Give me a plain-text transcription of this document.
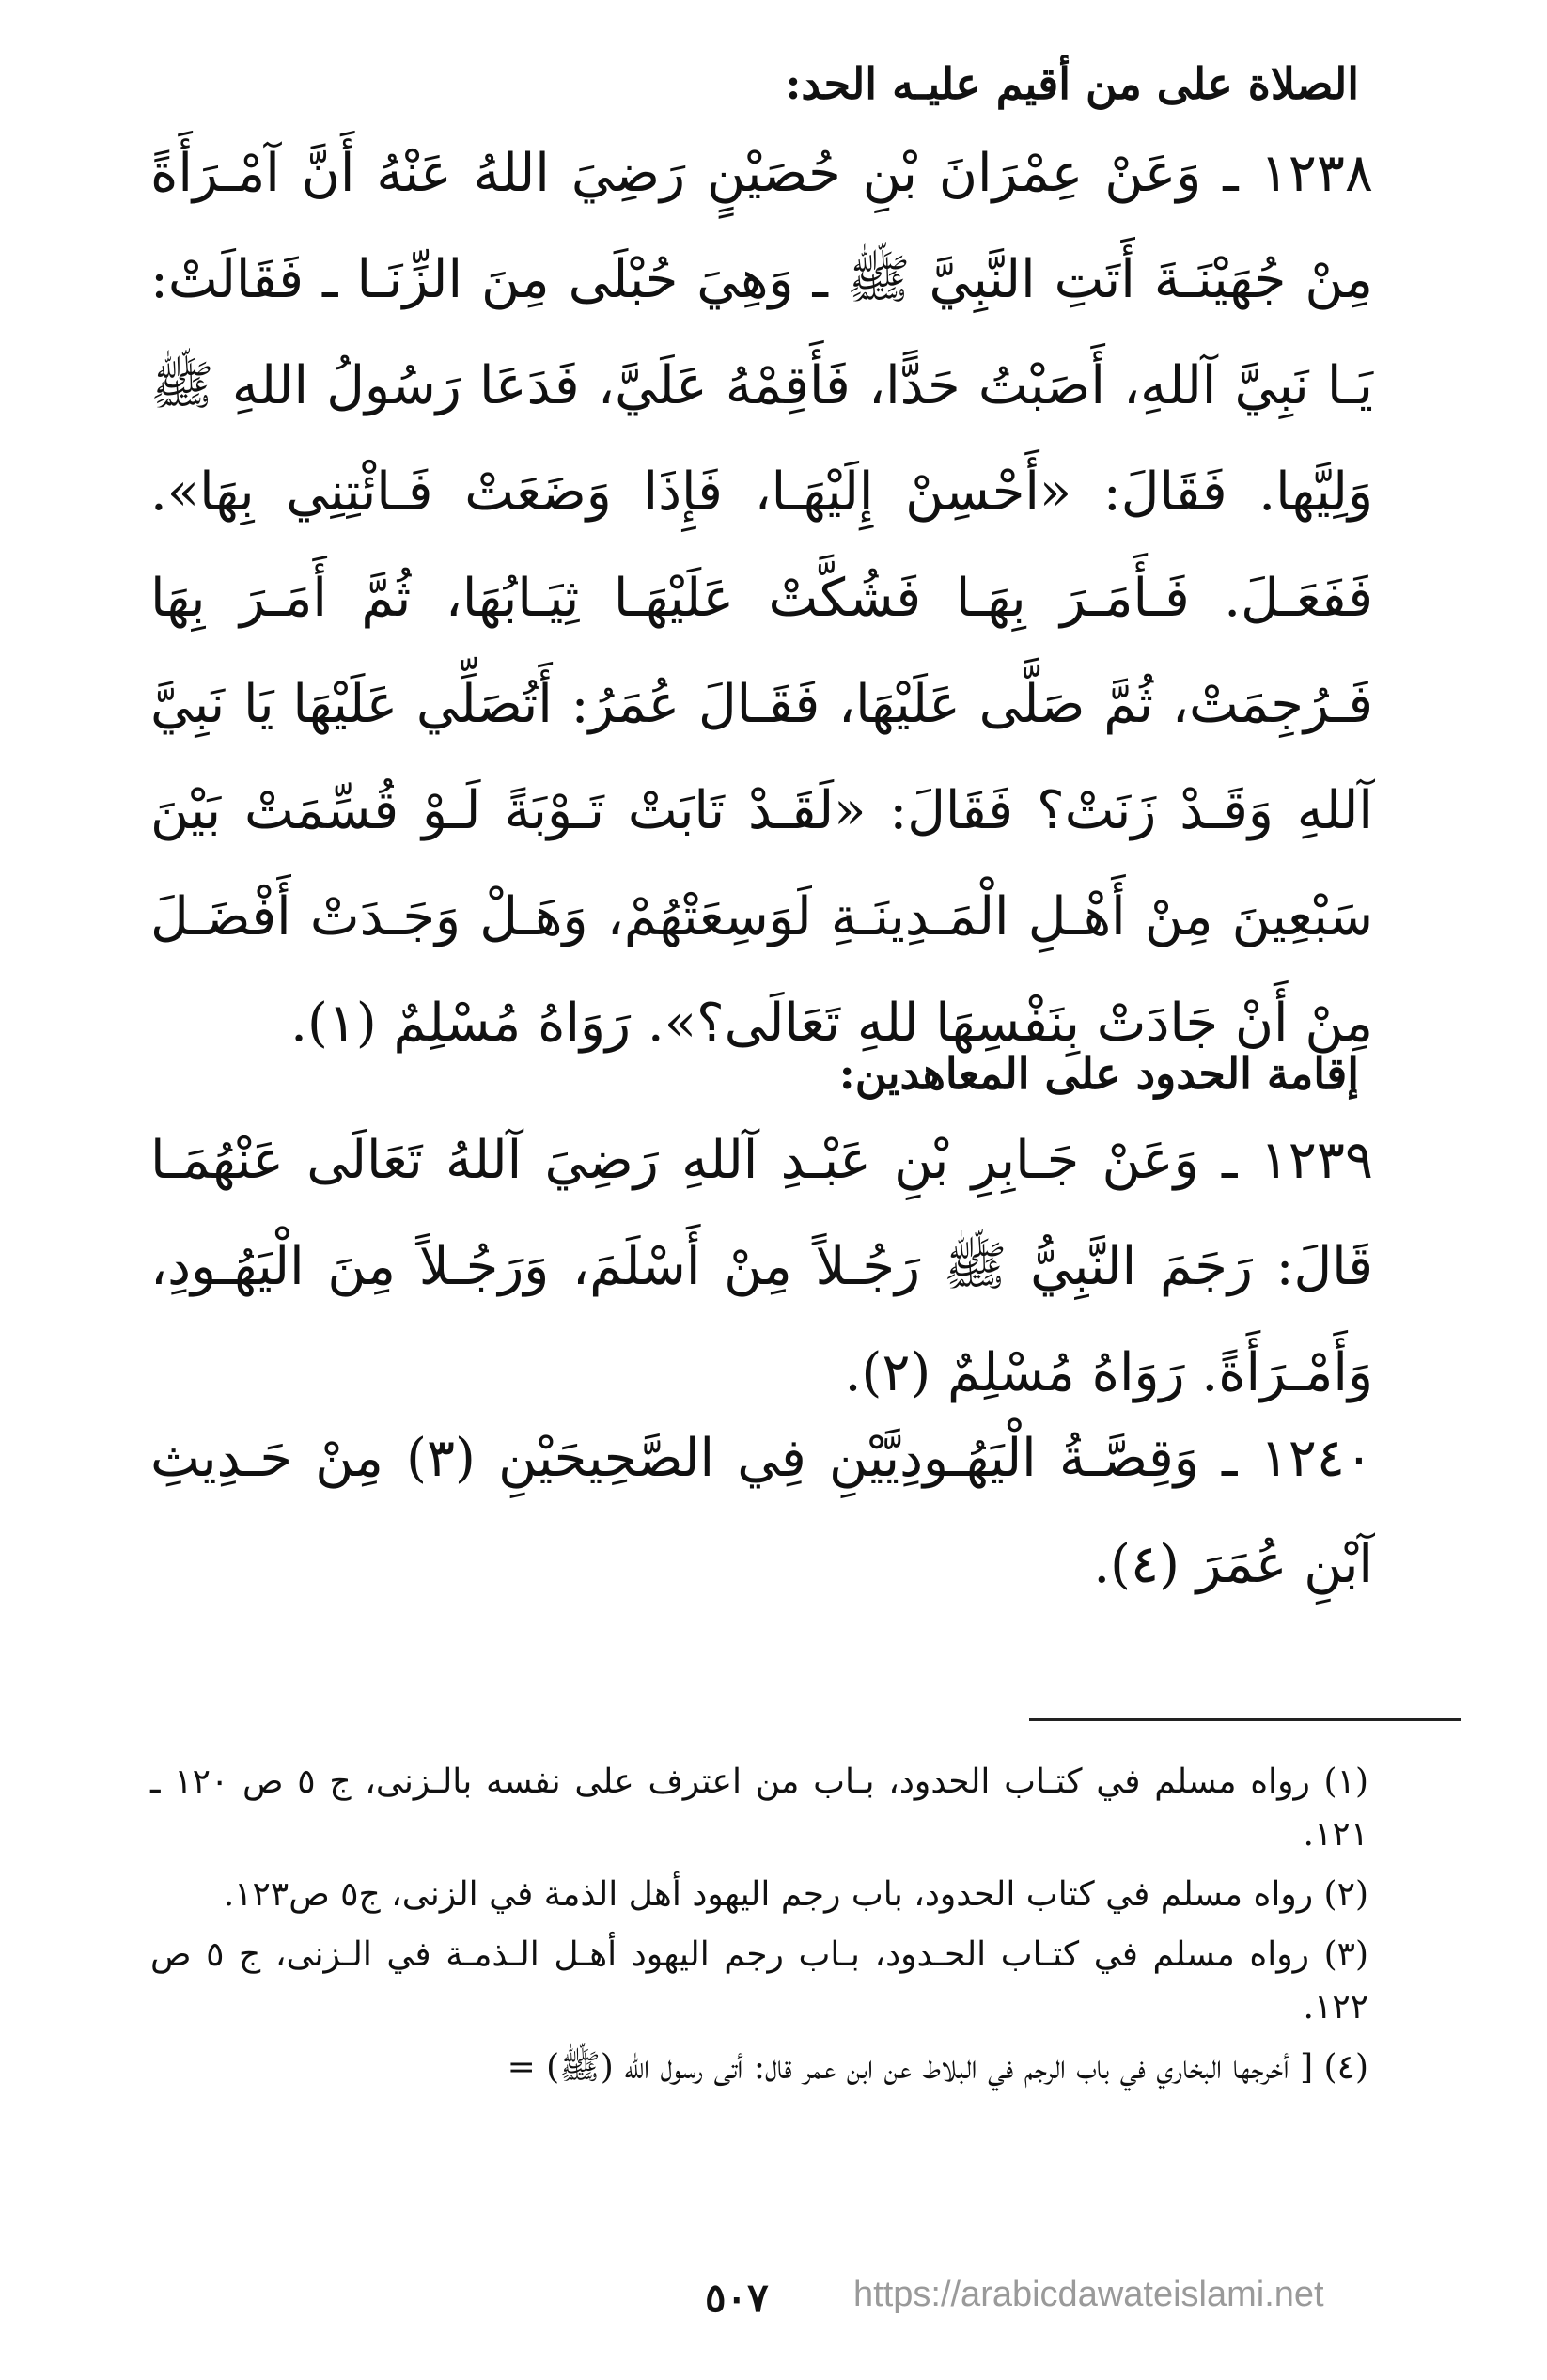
الصلاة على من أقيم عليـه الحد:
١٢٣٨ ـ وَعَنْ عِمْرَانَ بْنِ حُصَيْنٍ رَضِيَ اللهُ عَنْهُ أَنَّ آمْـرَأَةً مِنْ جُهَيْنَـةَ أَتَتِ النَّبِيَّ ﷺ ـ وَهِيَ حُبْلَى مِنَ الزِّنَـا ـ فَقَالَتْ: يَـا نَبِيَّ آللهِ، أَصَبْتُ حَدًّا، فَأَقِمْهُ عَلَيَّ، فَدَعَا رَسُولُ اللهِ ﷺ وَلِيَّها. فَقَالَ: «أَحْسِنْ إِلَيْهَـا، فَإِذَا وَضَعَتْ فَـائْتِنِي بِهَا». فَفَعَـلَ. فَـأَمَـرَ بِهَـا فَشُكَّتْ عَلَيْهَـا ثِيَـابُهَا، ثُمَّ أَمَـرَ بِهَا فَـرُجِمَتْ، ثُمَّ صَلَّى عَلَيْهَا، فَقَـالَ عُمَرُ: أَتُصَلِّي عَلَيْهَا يَا نَبِيَّ آللهِ وَقَـدْ زَنَتْ؟ فَقَالَ: «لَقَـدْ تَابَتْ تَـوْبَةً لَـوْ قُسِّمَتْ بَيْنَ سَبْعِينَ مِنْ أَهْـلِ الْمَـدِينَـةِ لَوَسِعَتْهُمْ، وَهَـلْ وَجَـدَتْ أَفْضَـلَ مِنْ أَنْ جَادَتْ بِنَفْسِهَا للهِ تَعَالَى؟». رَوَاهُ مُسْلِمٌ (١).
إقامة الحدود على المعاهدين:
١٢٣٩ ـ وَعَنْ جَـابِرِ بْنِ عَبْـدِ آللهِ رَضِيَ آللهُ تَعَالَى عَنْهُمَـا قَالَ: رَجَمَ النَّبِيُّ ﷺ رَجُـلاً مِنْ أَسْلَمَ، وَرَجُـلاً مِنَ الْيَهُـودِ، وَأَمْـرَأَةً. رَوَاهُ مُسْلِمٌ (٢).
١٢٤٠ ـ وَقِصَّـةُ الْيَهُـودِيَّيْنِ فِي الصَّحِيحَيْنِ (٣) مِنْ حَـدِيثِ آبْنِ عُمَرَ (٤).

(١) رواه مسلم في كتـاب الحدود، بـاب من اعترف على نفسه بالـزنى، ج ٥ ص ١٢٠ ـ ١٢١.

(٢) رواه مسلم في كتاب الحدود، باب رجم اليهود أهل الذمة في الزنى، ج٥ ص١٢٣.

(٣) رواه مسلم في كتـاب الحـدود، بـاب رجم اليهود أهـل الـذمـة في الـزنى، ج ٥ ص ١٢٢.

(٤) [ أخرجها البخاري في باب الرجم في البلاط عن ابن عمر قال: أتى رسول الله (ﷺ) =

٥٠٧ https://arabicdawateislami.net
